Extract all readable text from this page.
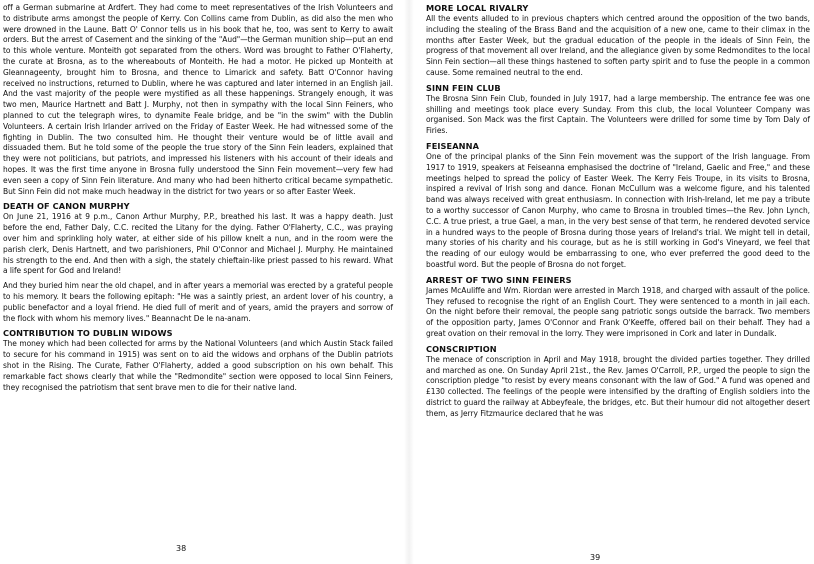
off a German submarine at Ardfert. They had come to meet representatives of the Irish Volunteers and to distribute arms amongst the people of Kerry. Con Collins came from Dublin, as did also the men who were drowned in the Laune. Batt O' Connor tells us in his book that he, too, was sent to Kerry to await orders. But the arrest of Casement and the sinking of the "Aud"—the German munition ship—put an end to this whole venture. Monteith got separated from the others. Word was brought to Father O'Flaherty, the curate at Brosna, as to the whereabouts of Monteith. He had a motor. He picked up Monteith at Gleannageenty, brought him to Brosna, and thence to Limarick and safety. Batt O'Connor having received no instructions, returned to Dublin, where he was captured and later interned in an English jail. And the vast majority of the people were mystified as all these happenings. Strangely enough, it was two men, Maurice Hartnett and Batt J. Murphy, not then in sympathy with the local Sinn Feiners, who planned to cut the telegraph wires, to dynamite Feale bridge, and be "in the swim" with the Dublin Volunteers. A certain Irish Irlander arrived on the Friday of Easter Week. He had witnessed some of the fighting in Dublin. The two consulted him. He thought their venture would be of little avail and dissuaded them. But he told some of the people the true story of the Sinn Fein leaders, explained that they were not politicians, but patriots, and impressed his listeners with his account of their ideals and hopes. It was the first time anyone in Brosna fully understood the Sinn Fein movement—very few had even seen a copy of Sinn Fein literature. And many who had been hitherto critical became sympathetic. But Sinn Fein did not make much headway in the district for two years or so after Easter Week.

DEATH OF CANON MURPHY

On June 21, 1916 at 9 p.m., Canon Arthur Murphy, P.P., breathed his last. It was a happy death. Just before the end, Father Daly, C.C. recited the Litany for the dying. Father O'Flaherty, C.C., was praying over him and sprinkling holy water, at either side of his pillow knelt a nun, and in the room were the parish clerk, Denis Hartnett, and two parishioners, Phil O'Connor and Michael J. Murphy. He maintained his strength to the end. And then with a sigh, the stately chieftain-like priest passed to his reward. What a life spent for God and Ireland!

And they buried him near the old chapel, and in after years a memorial was erected by a grateful people to his memory. It bears the following epitaph: "He was a saintly priest, an ardent lover of his country, a public benefactor and a loyal friend. He died full of merit and of years, amid the prayers and sorrow of the flock with whom his memory lives." Beannacht De le na-anam.

CONTRIBUTION TO DUBLIN WIDOWS

The money which had been collected for arms by the National Volunteers (and which Austin Stack failed to secure for his command in 1915) was sent on to aid the widows and orphans of the Dublin patriots shot in the Rising. The Curate, Father O'Flaherty, added a good subscription on his own behalf. This remarkable fact shows clearly that while the "Redmondite" section were opposed to local Sinn Feiners, they recognised the patriotism that sent brave men to die for their native land.

38
MORE LOCAL RIVALRY

All the events alluded to in previous chapters which centred around the opposition of the two bands, including the stealing of the Brass Band and the acquisition of a new one, came to their climax in the months after Easter Week, but the gradual education of the people in the ideals of Sinn Fein, the progress of that movement all over Ireland, and the allegiance given by some Redmondites to the local Sinn Fein section—all these things hastened to soften party spirit and to fuse the people in a common cause. Some remained neutral to the end.

SINN FEIN CLUB

The Brosna Sinn Fein Club, founded in July 1917, had a large membership. The entrance fee was one shilling and meetings took place every Sunday. From this club, the local Volunteer Company was organised. Son Mack was the first Captain. The Volunteers were drilled for some time by Tom Daly of Firies.

FEISEANNA

One of the principal planks of the Sinn Fein movement was the support of the Irish language. From 1917 to 1919, speakers at Feiseanna emphasised the doctrine of "Ireland, Gaelic and Free," and these meetings helped to spread the policy of Easter Week. The Kerry Feis Troupe, in its visits to Brosna, inspired a revival of Irish song and dance. Fionan McCullum was a welcome figure, and his talented band was always received with great enthusiasm. In connection with Irish-Ireland, let me pay a tribute to a worthy successor of Canon Murphy, who came to Brosna in troubled times—the Rev. John Lynch, C.C. A true priest, a true Gael, a man, in the very best sense of that term, he rendered devoted service in a hundred ways to the people of Brosna during those years of Ireland's trial. We might tell in detail, many stories of his charity and his courage, but as he is still working in God's Vineyard, we feel that the reading of our eulogy would be embarrassing to one, who ever preferred the good deed to the boastful word. But the people of Brosna do not forget.

ARREST OF TWO SINN FEINERS

James McAuliffe and Wm. Riordan were arrested in March 1918, and charged with assault of the police. They refused to recognise the right of an English Court. They were sentenced to a month in jail each. On the night before their removal, the people sang patriotic songs outside the barrack. Two members of the opposition party, James O'Connor and Frank O'Keeffe, offered bail on their behalf. They had a great ovation on their removal in the lorry. They were imprisoned in Cork and later in Dundalk.

CONSCRIPTION

The menace of conscription in April and May 1918, brought the divided parties together. They drilled and marched as one. On Sunday April 21st., the Rev. James O'Carroll, P.P., urged the people to sign the conscription pledge "to resist by every means consonant with the law of God." A fund was opened and £130 collected. The feelings of the people were intensified by the drafting of English soldiers into the district to guard the railway at Abbeyfeale, the bridges, etc. But their humour did not altogether desert them, as Jerry Fitzmaurice declared that he was

39
